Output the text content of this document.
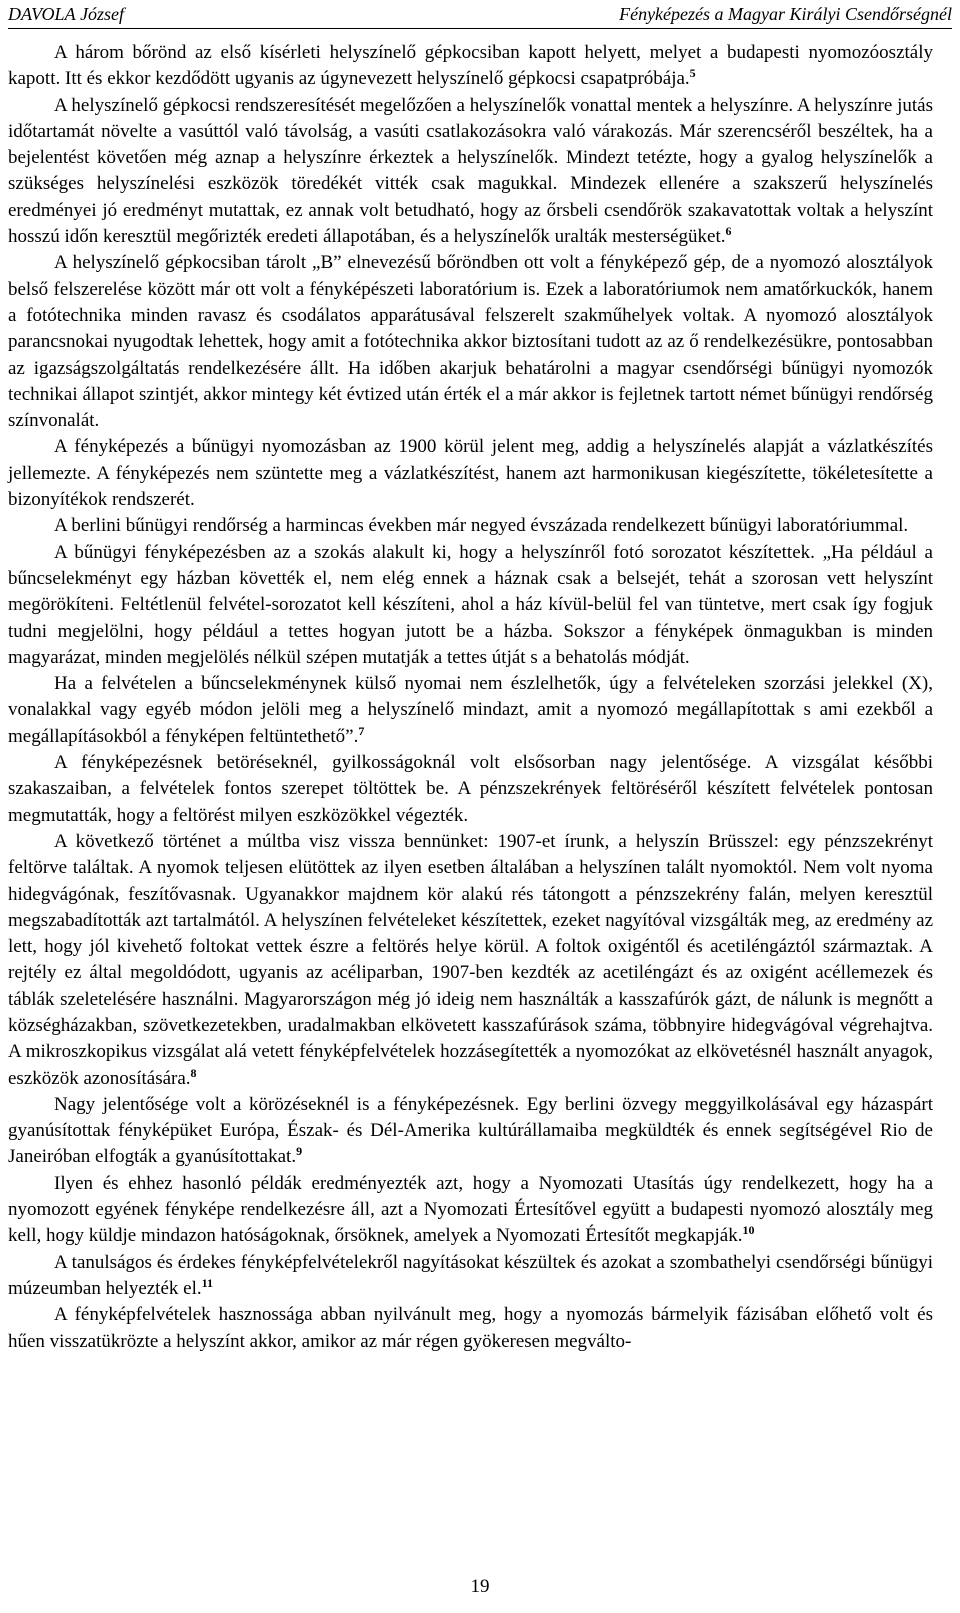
DAVOLA József	Fényképezés a Magyar Királyi Csendőrségnél

A három bőrönd az első kísérleti helyszínelő gépkocsiban kapott helyett, melyet a budapesti nyomozóosztály kapott. Itt és ekkor kezdődött ugyanis az úgynevezett helyszínelő gépkocsi csapatpróbája.$^5$

A helyszínelő gépkocsi rendszeresítését megelőzően a helyszínelők vonattal mentek a helyszínre. A helyszínre jutás időtartamát növelte a vasúttól való távolság, a vasúti csatlakozásokra való várakozás. Már szerencséről beszéltek, ha a bejelentést követően még aznap a helyszínre érkeztek a helyszínelők. Mindezt tetézte, hogy a gyalog helyszínelők a szükséges helyszínelési eszközök töredékét vitték csak magukkal. Mindezek ellenére a szakszerű helyszínelés eredményei jó eredményt mutattak, ez annak volt betudható, hogy az őrsbeli csendőrök szakavatottak voltak a helyszínt hosszú időn keresztül megőrizték eredeti állapotában, és a helyszínelők uralták mesterségüket.$^6$

A helyszínelő gépkocsiban tárolt „B” elnevezésű bőröndben ott volt a fényképező gép, de a nyomozó alosztályok belső felszerelése között már ott volt a fényképészeti laboratórium is. Ezek a laboratóriumok nem amatőrkuckók, hanem a fotótechnika minden ravasz és csodálatos apparátusával felszerelt szakműhelyek voltak. A nyomozó alosztályok parancsnokai nyugodtak lehettek, hogy amit a fotótechnika akkor biztosítani tudott az az ő rendelkezésükre, pontosabban az igazságszolgáltatás rendelkezésére állt. Ha időben akarjuk behatárolni a magyar csendőrségi bűnügyi nyomozók technikai állapot szintjét, akkor mintegy két évtized után érték el a már akkor is fejletnek tartott német bűnügyi rendőrség színvonalát.

A fényképezés a bűnügyi nyomozásban az 1900 körül jelent meg, addig a helyszínelés alapját a vázlatkészítés jellemezte. A fényképezés nem szüntette meg a vázlatkészítést, hanem azt harmonikusan kiegészítette, tökéletesítette a bizonyítékok rendszerét.

A berlini bűnügyi rendőrség a harmincas években már negyed évszázada rendelkezett bűnügyi laboratóriummal.

A bűnügyi fényképezésben az a szokás alakult ki, hogy a helyszínről fotó sorozatot készítettek. „Ha például a bűncselekményt egy házban követték el, nem elég ennek a háznak csak a belsejét, tehát a szorosan vett helyszínt megörökíteni. Feltétlenül felvétel-sorozatot kell készíteni, ahol a ház kívül-belül fel van tüntetve, mert csak így fogjuk tudni megjelölni, hogy például a tettes hogyan jutott be a házba. Sokszor a fényképek önmagukban is minden magyarázat, minden megjelölés nélkül szépen mutatják a tettes útját s a behatolás módját.

Ha a felvételen a bűncselekménynek külső nyomai nem észlelhetők, úgy a felvételeken szorzási jelekkel (X), vonalakkal vagy egyéb módon jelöli meg a helyszínelő mindazt, amit a nyomozó megállapítottak s ami ezekből a megállapításokból a fényképen feltüntethető”.$^7$

A fényképezésnek betöréseknél, gyilkosságoknál volt elsősorban nagy jelentősége. A vizsgálat későbbi szakaszaiban, a felvételek fontos szerepet töltöttek be. A pénzszekrények feltöréséről készített felvételek pontosan megmutatták, hogy a feltörést milyen eszközökkel végezték.

A következő történet a múltba visz vissza bennünket: 1907-et írunk, a helyszín Brüsszel: egy pénzszekrényt feltörve találtak. A nyomok teljesen elütöttek az ilyen esetben általában a helyszínen talált nyomoktól. Nem volt nyoma hidegvágónak, feszítővasnak. Ugyanakkor majdnem kör alakú rés tátongott a pénzszekrény falán, melyen keresztül megszabadították azt tartalmától. A helyszínen felvételeket készítettek, ezeket nagyítóval vizsgálták meg, az eredmény az lett, hogy jól kivehető foltokat vettek észre a feltörés helye körül. A foltok oxigéntől és acetiléngáztól származtak. A rejtély ez által megoldódott, ugyanis az acéliparban, 1907-ben kezdték az acetiléngázt és az oxigént acéllemezek és táblák szeletelésére használni. Magyarországon még jó ideig nem használták a kasszafúrók gázt, de nálunk is megnőtt a községházakban, szövetkezetekben, uradalmakban elkövetett kasszafúrások száma, többnyire hidegvágóval végrehajtva. A mikroszkopikus vizsgálat alá vetett fényképfelvételek hozzásegítették a nyomozókat az elkövetésnél használt anyagok, eszközök azonosítására.$^8$

Nagy jelentősége volt a körözéseknél is a fényképezésnek. Egy berlini özvegy meggyilkolásával egy házaspárt gyanúsítottak fényképüket Európa, Észak- és Dél-Amerika kultúrállamaiba megküldték és ennek segítségével Rio de Janeiróban elfogták a gyanúsítottakat.$^9$

Ilyen és ehhez hasonló példák eredményezték azt, hogy a Nyomozati Utasítás úgy rendelkezett, hogy ha a nyomozott egyének fényképe rendelkezésre áll, azt a Nyomozati Értesítővel együtt a budapesti nyomozó alosztály meg kell, hogy küldje mindazon hatóságoknak, őrsöknek, amelyek a Nyomozati Értesítőt megkapják.$^{10}$

A tanulságos és érdekes fényképfelvételekről nagyításokat készültek és azokat a szombathelyi csendőrségi bűnügyi múzeumban helyezték el.$^{11}$

A fényképfelvételek hasznossága abban nyilvánult meg, hogy a nyomozás bármelyik fázisában előhető volt és hűen visszatükrözte a helyszínt akkor, amikor az már régen gyökeresen megválto-

19
